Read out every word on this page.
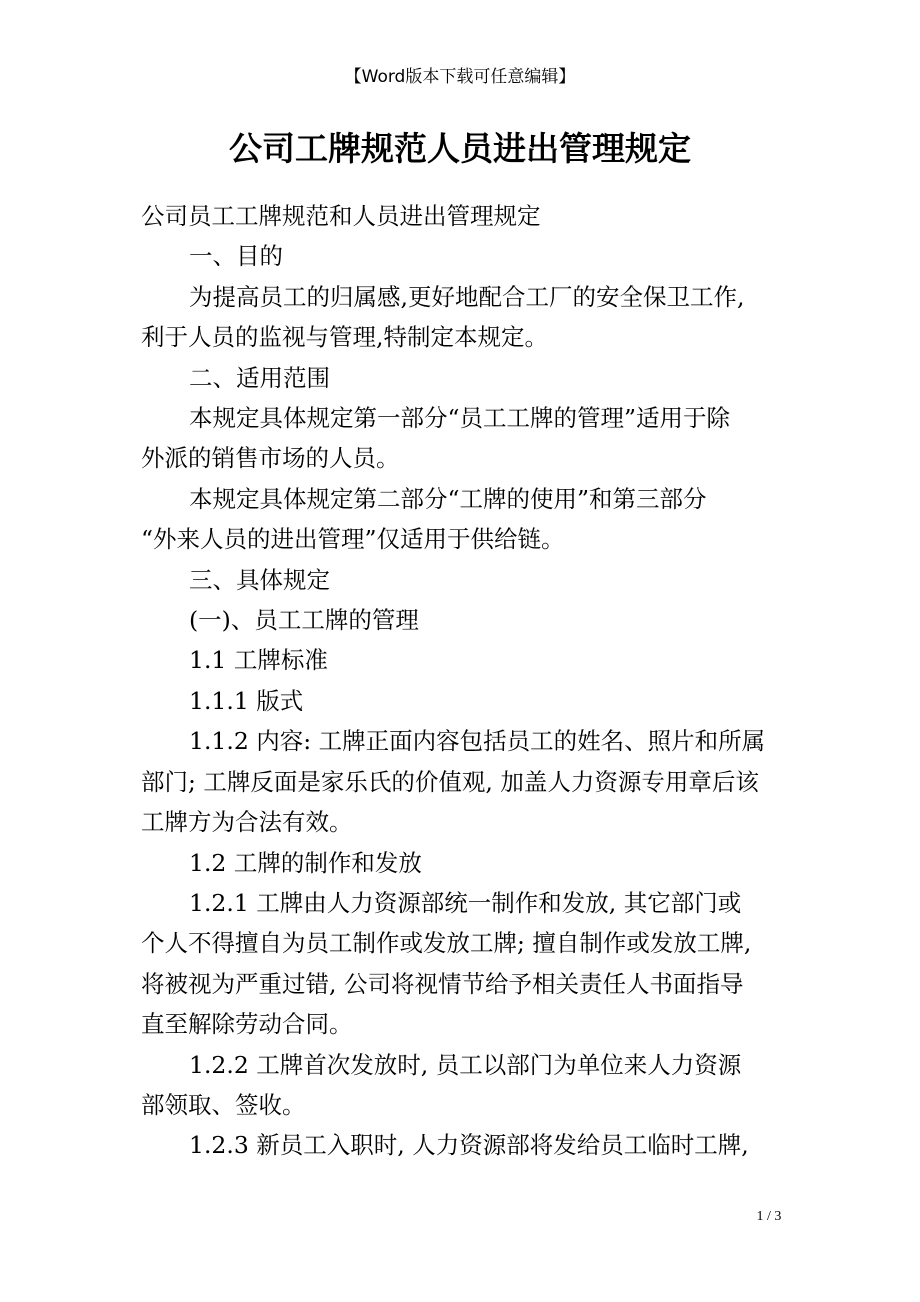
【Word版本下载可任意编辑】
公司工牌规范人员进出管理规定

公司员工工牌规范和人员进出管理规定

一、目的

为提高员工的归属感,更好地配合工厂的安全保卫工作,

利于人员的监视与管理,特制定本规定。

二、适用范围

本规定具体规定第一部分“员工工牌的管理”适用于除

外派的销售市场的人员。

本规定具体规定第二部分“工牌的使用”和第三部分

“外来人员的进出管理”仅适用于供给链。

三、具体规定

(一)、员工工牌的管理

1.1 工牌标准

1.1.1 版式

1.1.2 内容: 工牌正面内容包括员工的姓名、照片和所属

部门; 工牌反面是家乐氏的价值观, 加盖人力资源专用章后该

工牌方为合法有效。

1.2 工牌的制作和发放

1.2.1 工牌由人力资源部统一制作和发放, 其它部门或

个人不得擅自为员工制作或发放工牌; 擅自制作或发放工牌,

将被视为严重过错, 公司将视情节给予相关责任人书面指导

直至解除劳动合同。

1.2.2 工牌首次发放时, 员工以部门为单位来人力资源

部领取、签收。

1.2.3 新员工入职时, 人力资源部将发给员工临时工牌,

1 / 3
